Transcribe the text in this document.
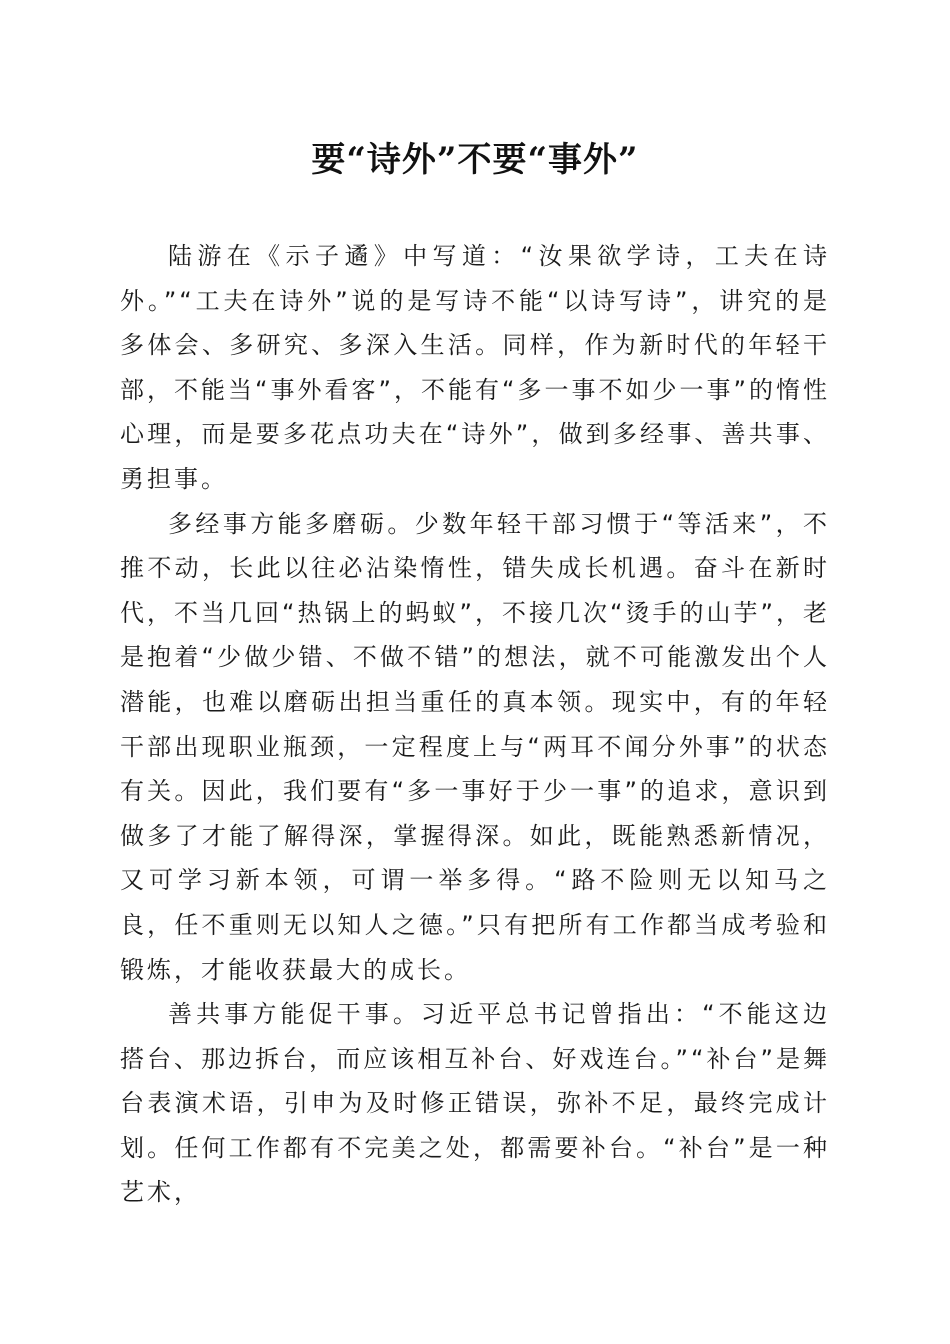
要“诗外”不要“事外”

陆游在《示子遹》中写道：“汝果欲学诗，工夫在诗外。”“工夫在诗外”说的是写诗不能“以诗写诗”，讲究的是多体会、多研究、多深入生活。同样，作为新时代的年轻干部，不能当“事外看客”，不能有“多一事不如少一事”的惰性心理，而是要多花点功夫在“诗外”，做到多经事、善共事、勇担事。

多经事方能多磨砺。少数年轻干部习惯于“等活来”，不推不动，长此以往必沾染惰性，错失成长机遇。奋斗在新时代，不当几回“热锅上的蚂蚁”，不接几次“烫手的山芋”，老是抱着“少做少错、不做不错”的想法，就不可能激发出个人潜能，也难以磨砺出担当重任的真本领。现实中，有的年轻干部出现职业瓶颈，一定程度上与“两耳不闻分外事”的状态有关。因此，我们要有“多一事好于少一事”的追求，意识到做多了才能了解得深，掌握得深。如此，既能熟悉新情况，又可学习新本领，可谓一举多得。“路不险则无以知马之良，任不重则无以知人之德。”只有把所有工作都当成考验和锻炼，才能收获最大的成长。

善共事方能促干事。习近平总书记曾指出：“不能这边搭台、那边拆台，而应该相互补台、好戏连台。”“补台”是舞台表演术语，引申为及时修正错误，弥补不足，最终完成计划。任何工作都有不完美之处，都需要补台。“补台”是一种艺术，
